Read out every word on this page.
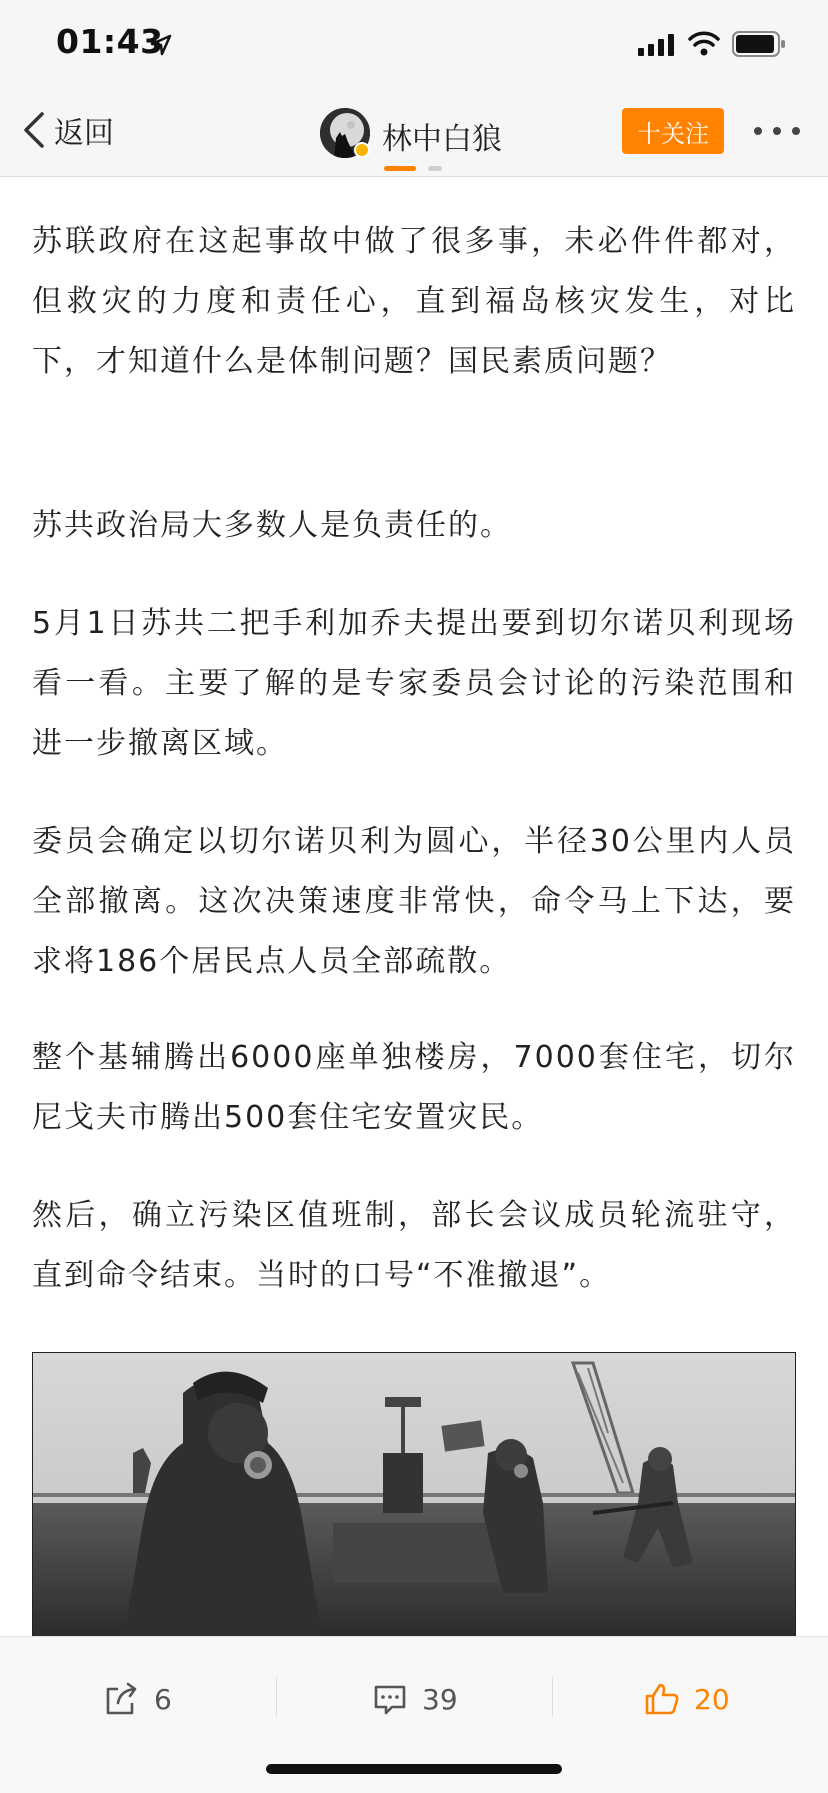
01:43
返回	林中白狼	十关注

苏联政府在这起事故中做了很多事，未必件件都对，但救灾的力度和责任心，直到福岛核灾发生，对比下，才知道什么是体制问题？国民素质问题？

苏共政治局大多数人是负责任的。

5月1日苏共二把手利加乔夫提出要到切尔诺贝利现场看一看。主要了解的是专家委员会讨论的污染范围和进一步撤离区域。

委员会确定以切尔诺贝利为圆心，半径30公里内人员全部撤离。这次决策速度非常快，命令马上下达，要求将186个居民点人员全部疏散。

整个基辅腾出6000座单独楼房，7000套住宅，切尔尼戈夫市腾出500套住宅安置灾民。

然后，确立污染区值班制，部长会议成员轮流驻守，直到命令结束。当时的口号“不准撤退”。

6	39	20
